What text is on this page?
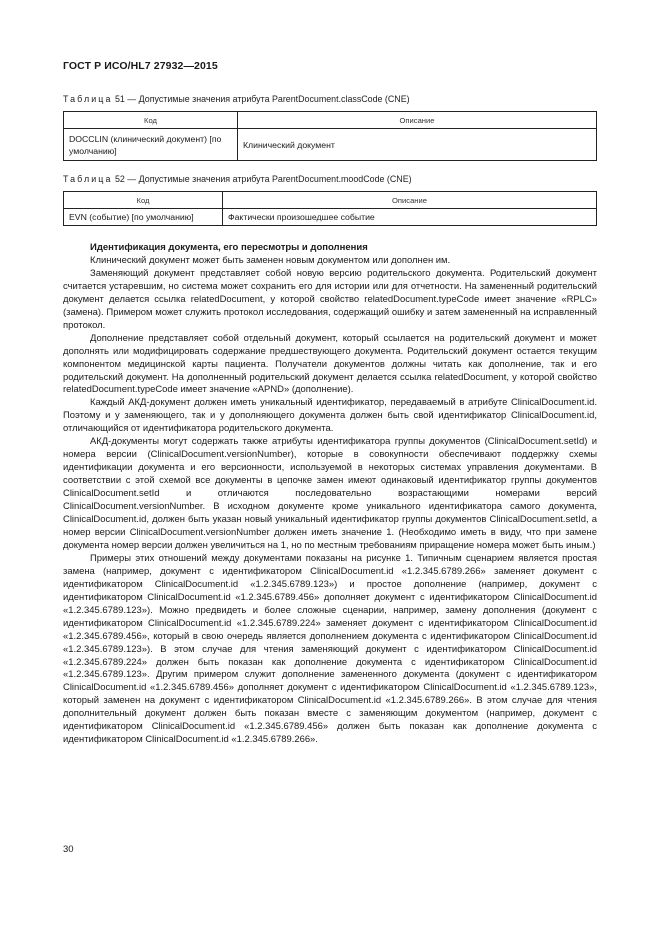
ГОСТ Р ИСО/HL7 27932—2015
Таблица 51 — Допустимые значения атрибута ParentDocument.classCode (CNE)
Код	Описание
DOCCLIN (клинический документ) [по умолчанию]	Клинический документ
Таблица 52 — Допустимые значения атрибута ParentDocument.moodCode (CNE)
Код	Описание
EVN (событие) [по умолчанию]	Фактически произошедшее событие
Идентификация документа, его пересмотры и дополнения

Клинический документ может быть заменен новым документом или дополнен им.

Заменяющий документ представляет собой новую версию родительского документа. Родительский документ считается устаревшим, но система может сохранить его для истории или для отчетности. На замененный родительский документ делается ссылка relatedDocument, у которой свойство relatedDocument.typeCode имеет значение «RPLC» (замена). Примером может служить протокол исследования, содержащий ошибку и затем замененный на исправленный протокол.

Дополнение представляет собой отдельный документ, который ссылается на родительский документ и может дополнять или модифицировать содержание предшествующего документа. Родительский документ остается текущим компонентом медицинской карты пациента. Получатели документов должны читать как дополнение, так и его родительский документ. На дополненный родительский документ делается ссылка relatedDocument, у которой свойство relatedDocument.typeCode имеет значение «APND» (дополнение).

Каждый АКД-документ должен иметь уникальный идентификатор, передаваемый в атрибуте ClinicalDocument.id. Поэтому и у заменяющего, так и у дополняющего документа должен быть свой идентификатор ClinicalDocument.id, отличающийся от идентификатора родительского документа.

АКД-документы могут содержать также атрибуты идентификатора группы документов (ClinicalDocument.setId) и номера версии (ClinicalDocument.versionNumber), которые в совокупности обеспечивают поддержку схемы идентификации документа и его версионности, используемой в некоторых системах управления документами. В соответствии с этой схемой все документы в цепочке замен имеют одинаковый идентификатор группы документов ClinicalDocument.setId и отличаются последовательно возрастающими номерами версий ClinicalDocument.versionNumber. В исходном документе кроме уникального идентификатора самого документа, ClinicalDocument.id, должен быть указан новый уникальный идентификатор группы документов ClinicalDocument.setId, а номер версии ClinicalDocument.versionNumber должен иметь значение 1. (Необходимо иметь в виду, что при замене документа номер версии должен увеличиться на 1, но по местным требованиям приращение номера может быть иным.)

Примеры этих отношений между документами показаны на рисунке 1. Типичным сценарием является простая замена (например, документ с идентификатором ClinicalDocument.id «1.2.345.6789.266» заменяет документ с идентификатором ClinicalDocument.id «1.2.345.6789.123») и простое дополнение (например, документ с идентификатором ClinicalDocument.id «1.2.345.6789.456» дополняет документ с идентификатором ClinicalDocument.id «1.2.345.6789.123»). Можно предвидеть и более сложные сценарии, например, замену дополнения (документ с идентификатором ClinicalDocument.id «1.2.345.6789.224» заменяет документ с идентификатором ClinicalDocument.id «1.2.345.6789.456», который в свою очередь является дополнением документа с идентификатором ClinicalDocument.id «1.2.345.6789.123»). В этом случае для чтения заменяющий документ с идентификатором ClinicalDocument.id «1.2.345.6789.224» должен быть показан как дополнение документа с идентификатором ClinicalDocument.id «1.2.345.6789.123». Другим примером служит дополнение замененного документа (документ с идентификатором ClinicalDocument.id «1.2.345.6789.456» дополняет документ с идентификатором ClinicalDocument.id «1.2.345.6789.123», который заменен на документ с идентификатором ClinicalDocument.id «1.2.345.6789.266». В этом случае для чтения дополнительный документ должен быть показан вместе с заменяющим документом (например, документ с идентификатором ClinicalDocument.id «1.2.345.6789.456» должен быть показан как дополнение документа с идентификатором ClinicalDocument.id «1.2.345.6789.266».

30
